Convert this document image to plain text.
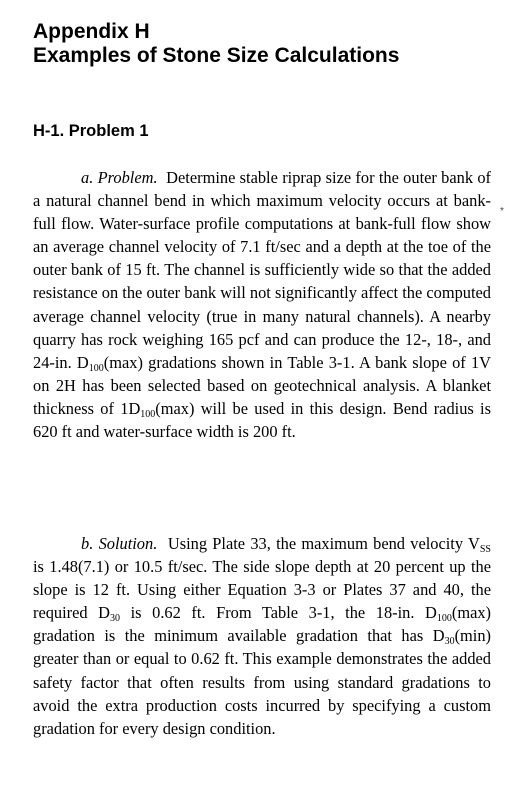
Appendix H
Examples of Stone Size Calculations
H-1. Problem 1

a. Problem. Determine stable riprap size for the outer bank of a natural channel bend in which maximum velocity occurs at bank-full flow. Water-surface profile computations at bank-full flow show an average channel velocity of 7.1 ft/sec and a depth at the toe of the outer bank of 15 ft. The channel is sufficiently wide so that the added resistance on the outer bank will not significantly affect the computed average channel velocity (true in many natural channels). A nearby quarry has rock weighing 165 pcf and can produce the 12-, 18-, and 24-in. $D_{100}(\max)$ gradations shown in Table 3-1. A bank slope of 1V on 2H has been selected based on geotechnical analysis. A blanket thickness of $1D_{100}(\max)$ will be used in this design. Bend radius is 620 ft and water-surface width is 200 ft.

*

b. Solution. Using Plate 33, the maximum bend velocity $V_{SS}$ is 1.48(7.1) or 10.5 ft/sec. The side slope depth at 20 percent up the slope is 12 ft. Using either Equation 3-3 or Plates 37 and 40, the required $D_{30}$ is 0.62 ft. From Table 3-1, the 18-in. $D_{100}(\max)$ gradation is the minimum available gradation that has $D_{30}(\min)$ greater than or equal to 0.62 ft. This example demonstrates the added safety factor that often results from using standard gradations to avoid the extra production costs incurred by specifying a custom gradation for every design condition.
